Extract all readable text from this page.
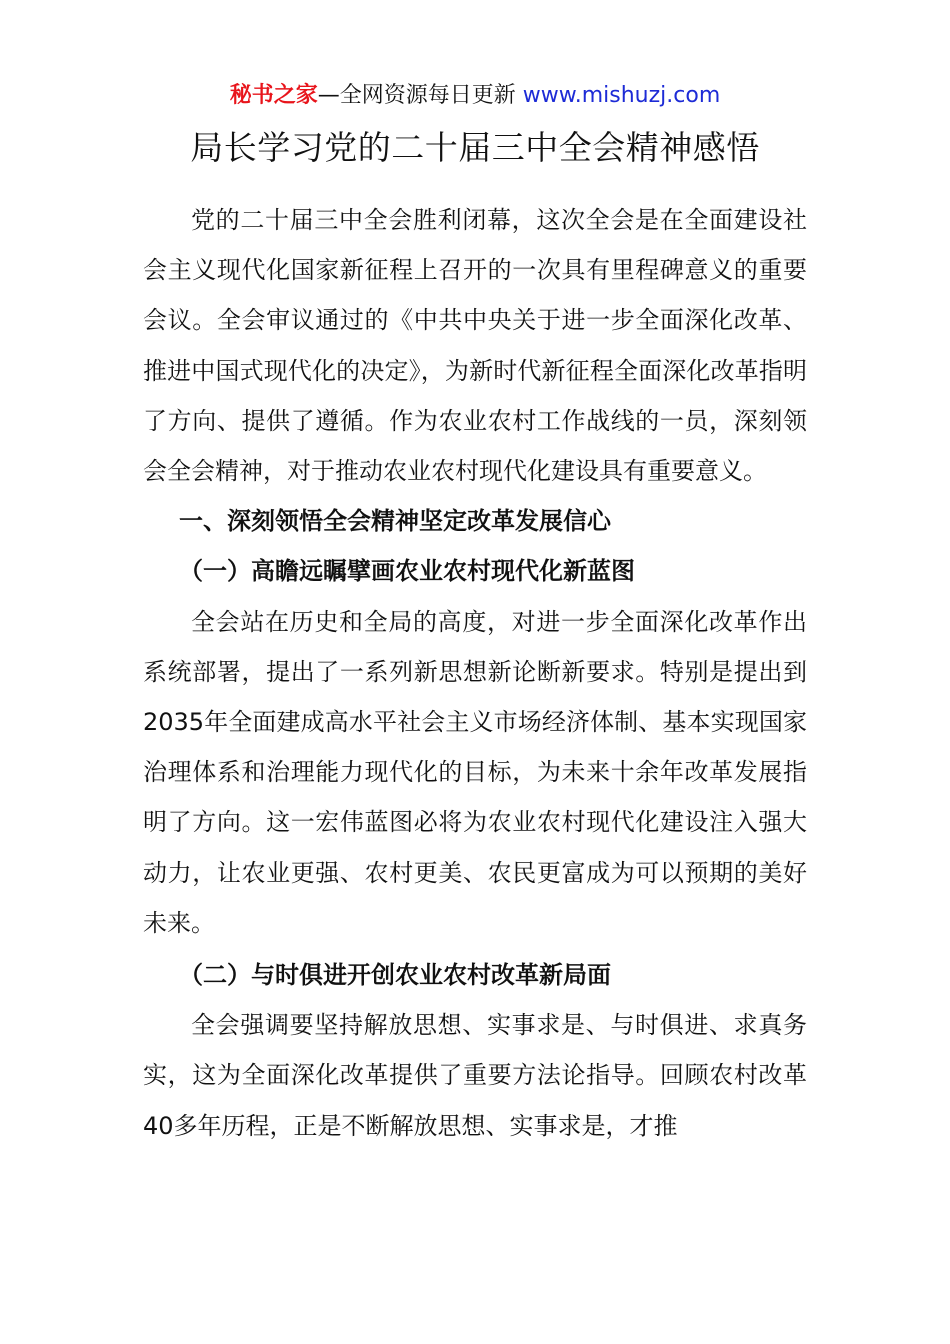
秘书之家—全网资源每日更新 www.mishuzj.com
局长学习党的二十届三中全会精神感悟

党的二十届三中全会胜利闭幕，这次全会是在全面建设社会主义现代化国家新征程上召开的一次具有里程碑意义的重要会议。全会审议通过的《中共中央关于进一步全面深化改革、推进中国式现代化的决定》，为新时代新征程全面深化改革指明了方向、提供了遵循。作为农业农村工作战线的一员，深刻领会全会精神，对于推动农业农村现代化建设具有重要意义。

一、深刻领悟全会精神坚定改革发展信心
（一）高瞻远瞩擘画农业农村现代化新蓝图

全会站在历史和全局的高度，对进一步全面深化改革作出系统部署，提出了一系列新思想新论断新要求。特别是提出到2035年全面建成高水平社会主义市场经济体制、基本实现国家治理体系和治理能力现代化的目标，为未来十余年改革发展指明了方向。这一宏伟蓝图必将为农业农村现代化建设注入强大动力，让农业更强、农村更美、农民更富成为可以预期的美好未来。

（二）与时俱进开创农业农村改革新局面

全会强调要坚持解放思想、实事求是、与时俱进、求真务实，这为全面深化改革提供了重要方法论指导。回顾农村改革40多年历程，正是不断解放思想、实事求是，才推
